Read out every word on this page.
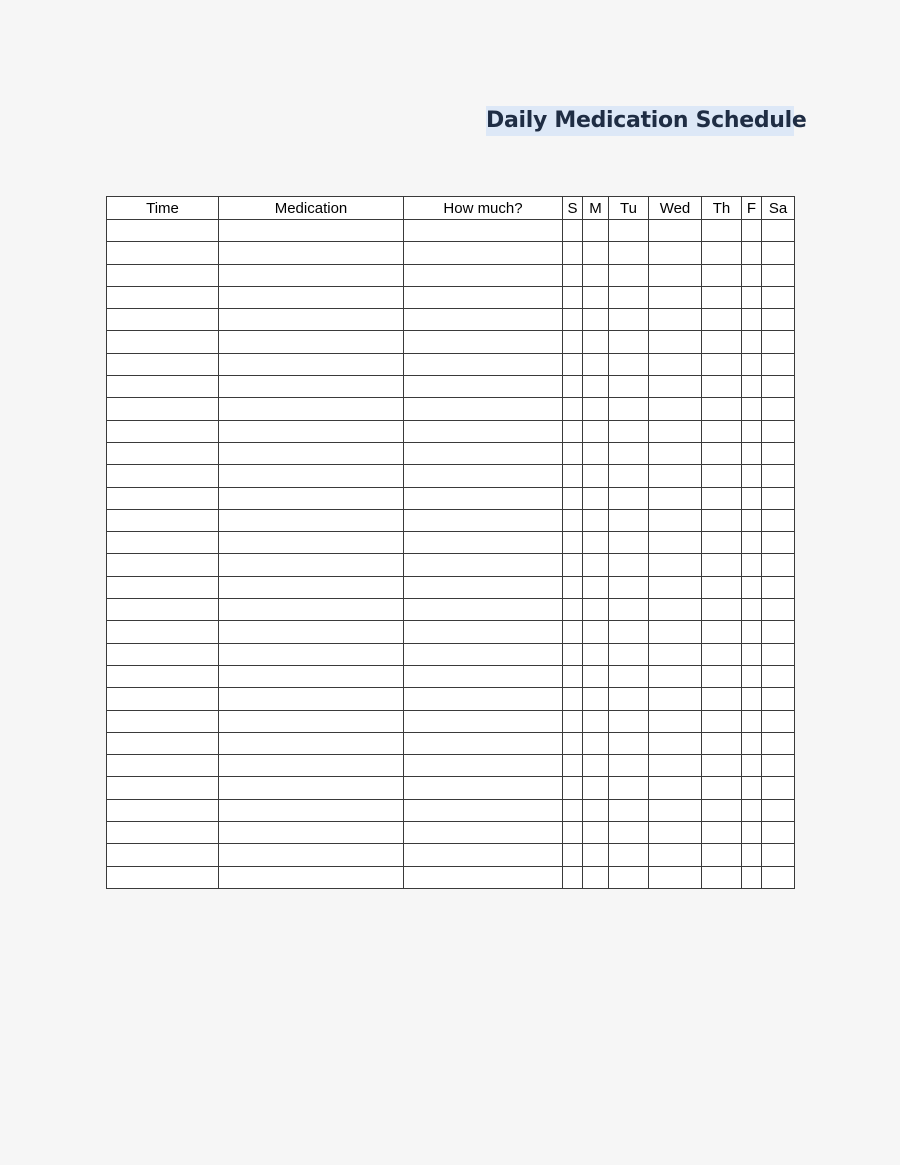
Daily Medication Schedule
Time	Medication	How much?	S	M	Tu	Wed	Th	F	Sa
